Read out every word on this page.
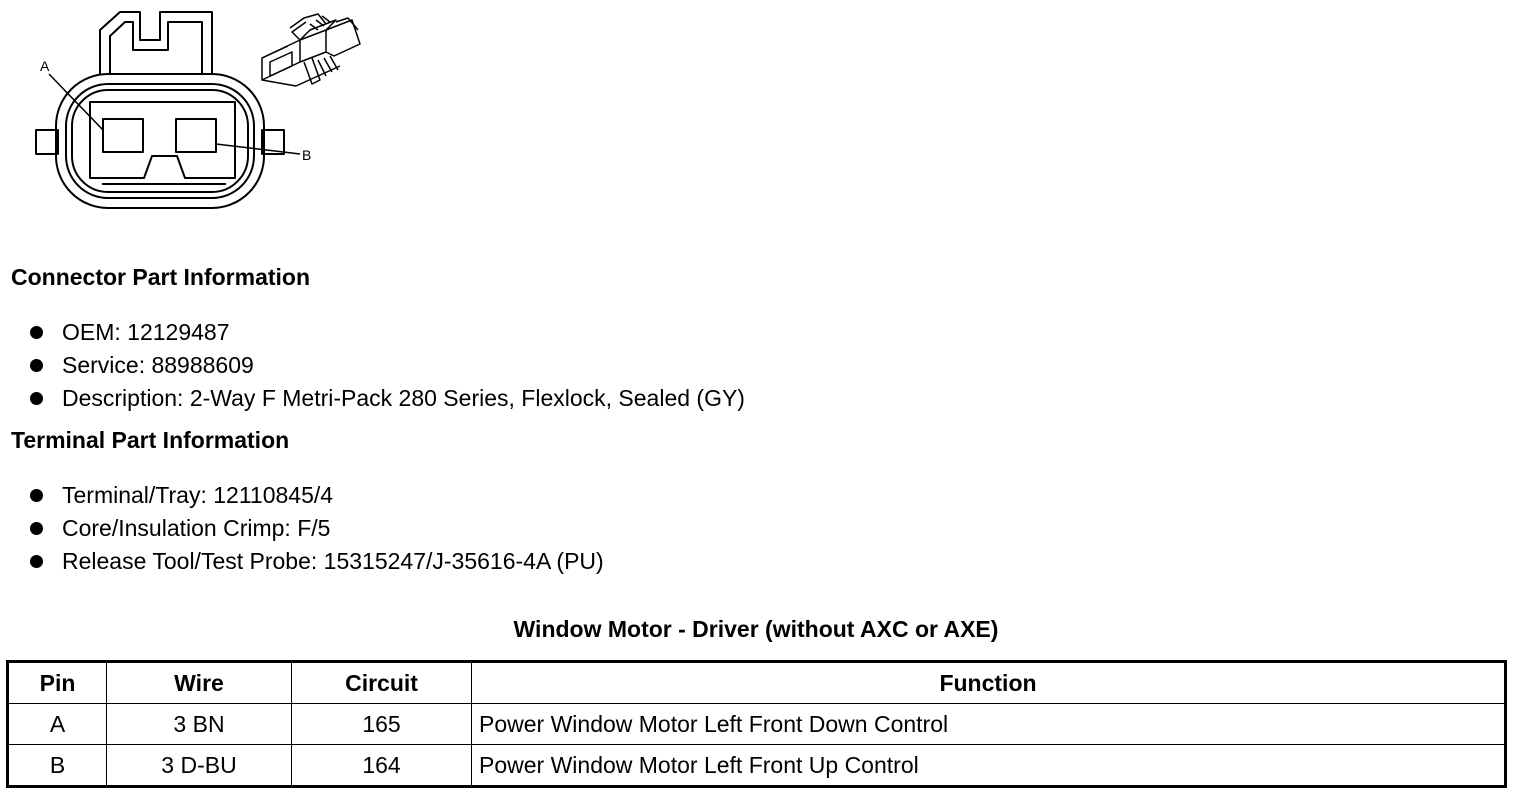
A
B
Connector Part Information
OEM: 12129487
Service: 88988609
Description: 2-Way F Metri-Pack 280 Series, Flexlock, Sealed (GY)
Terminal Part Information
Terminal/Tray: 12110845/4
Core/Insulation Crimp: F/5
Release Tool/Test Probe: 15315247/J-35616-4A (PU)
Window Motor - Driver (without AXC or AXE)
Pin	Wire	Circuit	Function
A	3 BN	165	Power Window Motor Left Front Down Control
B	3 D-BU	164	Power Window Motor Left Front Up Control
